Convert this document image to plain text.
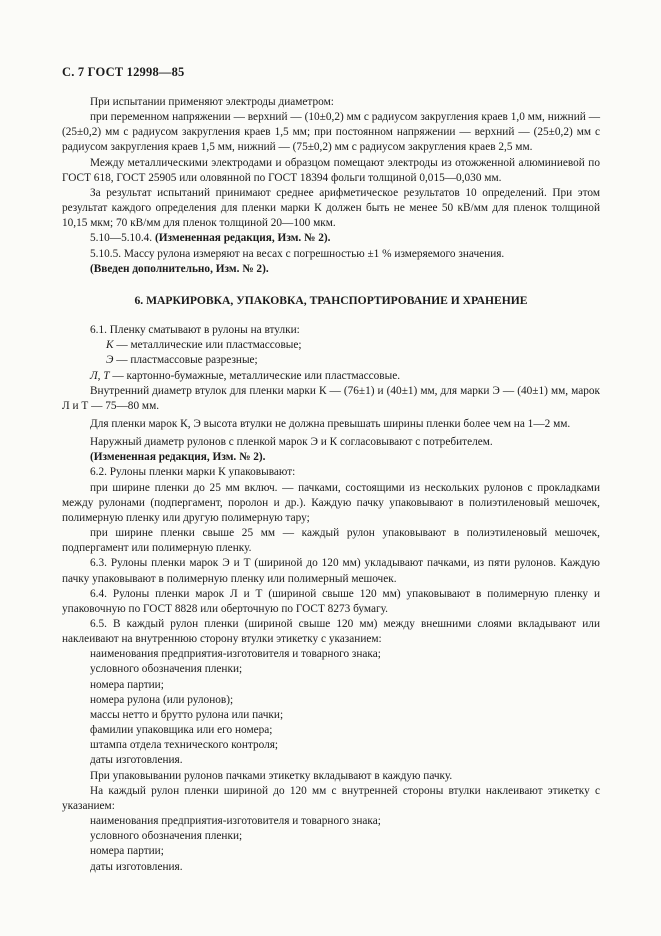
С. 7 ГОСТ 12998—85

При испытании применяют электроды диаметром:

при переменном напряжении — верхний — (10±0,2) мм с радиусом закругления краев 1,0 мм, нижний — (25±0,2) мм с радиусом закругления краев 1,5 мм; при постоянном напряжении — верхний — (25±0,2) мм с радиусом закругления краев 1,5 мм, нижний — (75±0,2) мм с радиусом закругления краев 2,5 мм.

Между металлическими электродами и образцом помещают электроды из отожженной алюминиевой по ГОСТ 618, ГОСТ 25905 или оловянной по ГОСТ 18394 фольги толщиной 0,015—0,030 мм.

За результат испытаний принимают среднее арифметическое результатов 10 определений. При этом результат каждого определения для пленки марки К должен быть не менее 50 кВ/мм для пленок толщиной 10,15 мкм; 70 кВ/мм для пленок толщиной 20—100 мкм.

5.10—5.10.4. (Измененная редакция, Изм. № 2).

5.10.5. Массу рулона измеряют на весах с погрешностью ±1 % измеряемого значения.

(Введен дополнительно, Изм. № 2).

6. МАРКИРОВКА, УПАКОВКА, ТРАНСПОРТИРОВАНИЕ И ХРАНЕНИЕ

6.1. Пленку сматывают в рулоны на втулки:

К — металлические или пластмассовые;

Э — пластмассовые разрезные;

Л, Т — картонно-бумажные, металлические или пластмассовые.

Внутренний диаметр втулок для пленки марки К — (76±1) и (40±1) мм, для марки Э — (40±1) мм, марок Л и Т — 75—80 мм.

Для пленки марок К, Э высота втулки не должна превышать ширины пленки более чем на 1—2 мм.

Наружный диаметр рулонов с пленкой марок Э и К согласовывают с потребителем.

(Измененная редакция, Изм. № 2).

6.2. Рулоны пленки марки К упаковывают:

при ширине пленки до 25 мм включ. — пачками, состоящими из нескольких рулонов с прокладками между рулонами (подпергамент, поролон и др.). Каждую пачку упаковывают в полиэтиленовый мешочек, полимерную пленку или другую полимерную тару;

при ширине пленки свыше 25 мм — каждый рулон упаковывают в полиэтиленовый мешочек, подпергамент или полимерную пленку.

6.3. Рулоны пленки марок Э и Т (шириной до 120 мм) укладывают пачками, из пяти рулонов. Каждую пачку упаковывают в полимерную пленку или полимерный мешочек.

6.4. Рулоны пленки марок Л и Т (шириной свыше 120 мм) упаковывают в полимерную пленку и упаковочную по ГОСТ 8828 или оберточную по ГОСТ 8273 бумагу.

6.5. В каждый рулон пленки (шириной свыше 120 мм) между внешними слоями вкладывают или наклеивают на внутреннюю сторону втулки этикетку с указанием:

наименования предприятия-изготовителя и товарного знака;

условного обозначения пленки;

номера партии;

номера рулона (или рулонов);

массы нетто и брутто рулона или пачки;

фамилии упаковщика или его номера;

штампа отдела технического контроля;

даты изготовления.

При упаковывании рулонов пачками этикетку вкладывают в каждую пачку.

На каждый рулон пленки шириной до 120 мм с внутренней стороны втулки наклеивают этикетку с указанием:

наименования предприятия-изготовителя и товарного знака;

условного обозначения пленки;

номера партии;

даты изготовления.
